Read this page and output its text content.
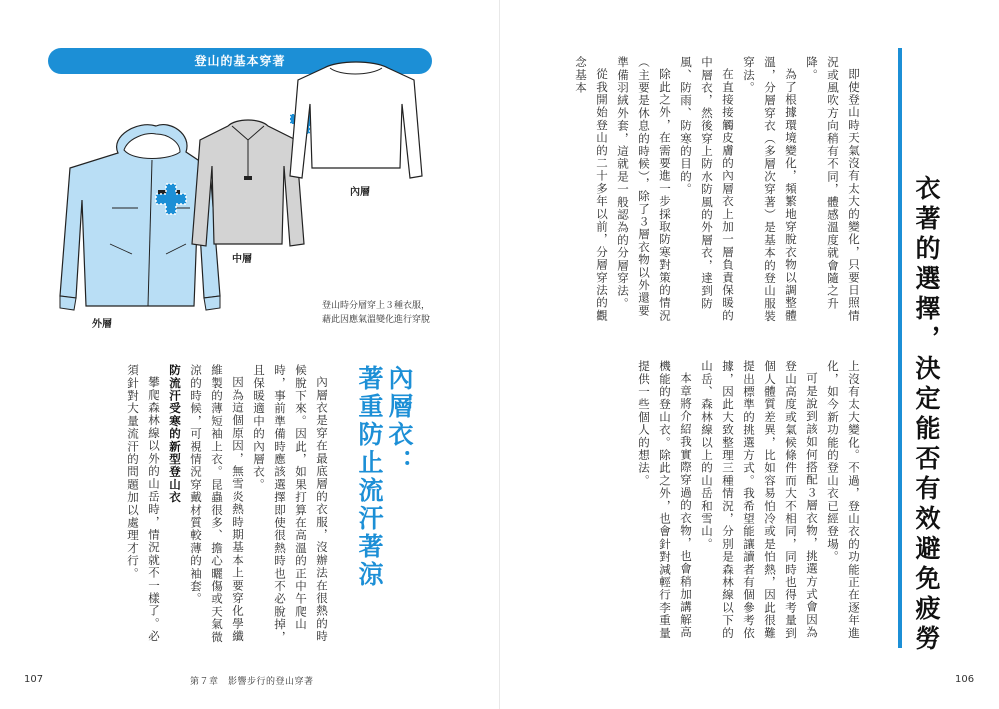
衣著的選擇，決定能否有效避免疲勞

即使登山時天氣沒有太大的變化，只要日照情況或風吹方向稍有不同，體感溫度就會隨之升降。

為了根據環境變化，頻繁地穿脫衣物以調整體溫，分層穿衣（多層次穿著）是基本的登山服裝穿法。

在直接接觸皮膚的內層衣上加一層負責保暖的中層衣，然後穿上防水防風的外層衣，達到防風、防雨、防寒的目的。

除此之外，在需要進一步採取防寒對策的情況（主要是休息的時候），除了３層衣物以外還要準備羽絨外套，這就是一般認為的分層穿法。

從我開始登山的二十多年以前，分層穿法的觀念基本

上沒有太大變化。不過，登山衣的功能正在逐年進化，如今新功能的登山衣已經登場。

可是說到該如何搭配３層衣物，挑選方式會因為登山高度或氣候條件而大不相同，同時也得考量到個人體質差異，比如容易怕冷或是怕熱，因此很難提出標準的挑選方式。我希望能讓讀者有個參考依據，因此大致整理三種情況，分別是森林線以下的山岳、森林線以上的山岳和雪山。

本章將介紹我實際穿過的衣物，也會稍加講解高機能的登山衣。除此之外，也會針對減輕行李重量提供一些個人的想法。

106
登山的基本穿著
內層
中層
外層
登山時分層穿上３種衣服，
藉此因應氣溫變化進行穿脫
內層衣：
著重防止流汗著涼

內層衣是穿在最底層的衣服，沒辦法在很熱的時候脫下來。因此，如果打算在高溫的正中午爬山時，事前準備時應該選擇即使很熱時也不必脫掉，且保暖適中的內層衣。

因為這個原因，無雪炎熱時期基本上要穿化學纖維製的薄短袖上衣。昆蟲很多、擔心曬傷或天氣微涼的時候，可視情況穿戴材質較薄的袖套。

防流汗受寒的新型登山衣

攀爬森林線以外的山岳時，情況就不一樣了。必須針對大量流汗的問題加以處理才行。

107	第７章　影響步行的登山穿著
